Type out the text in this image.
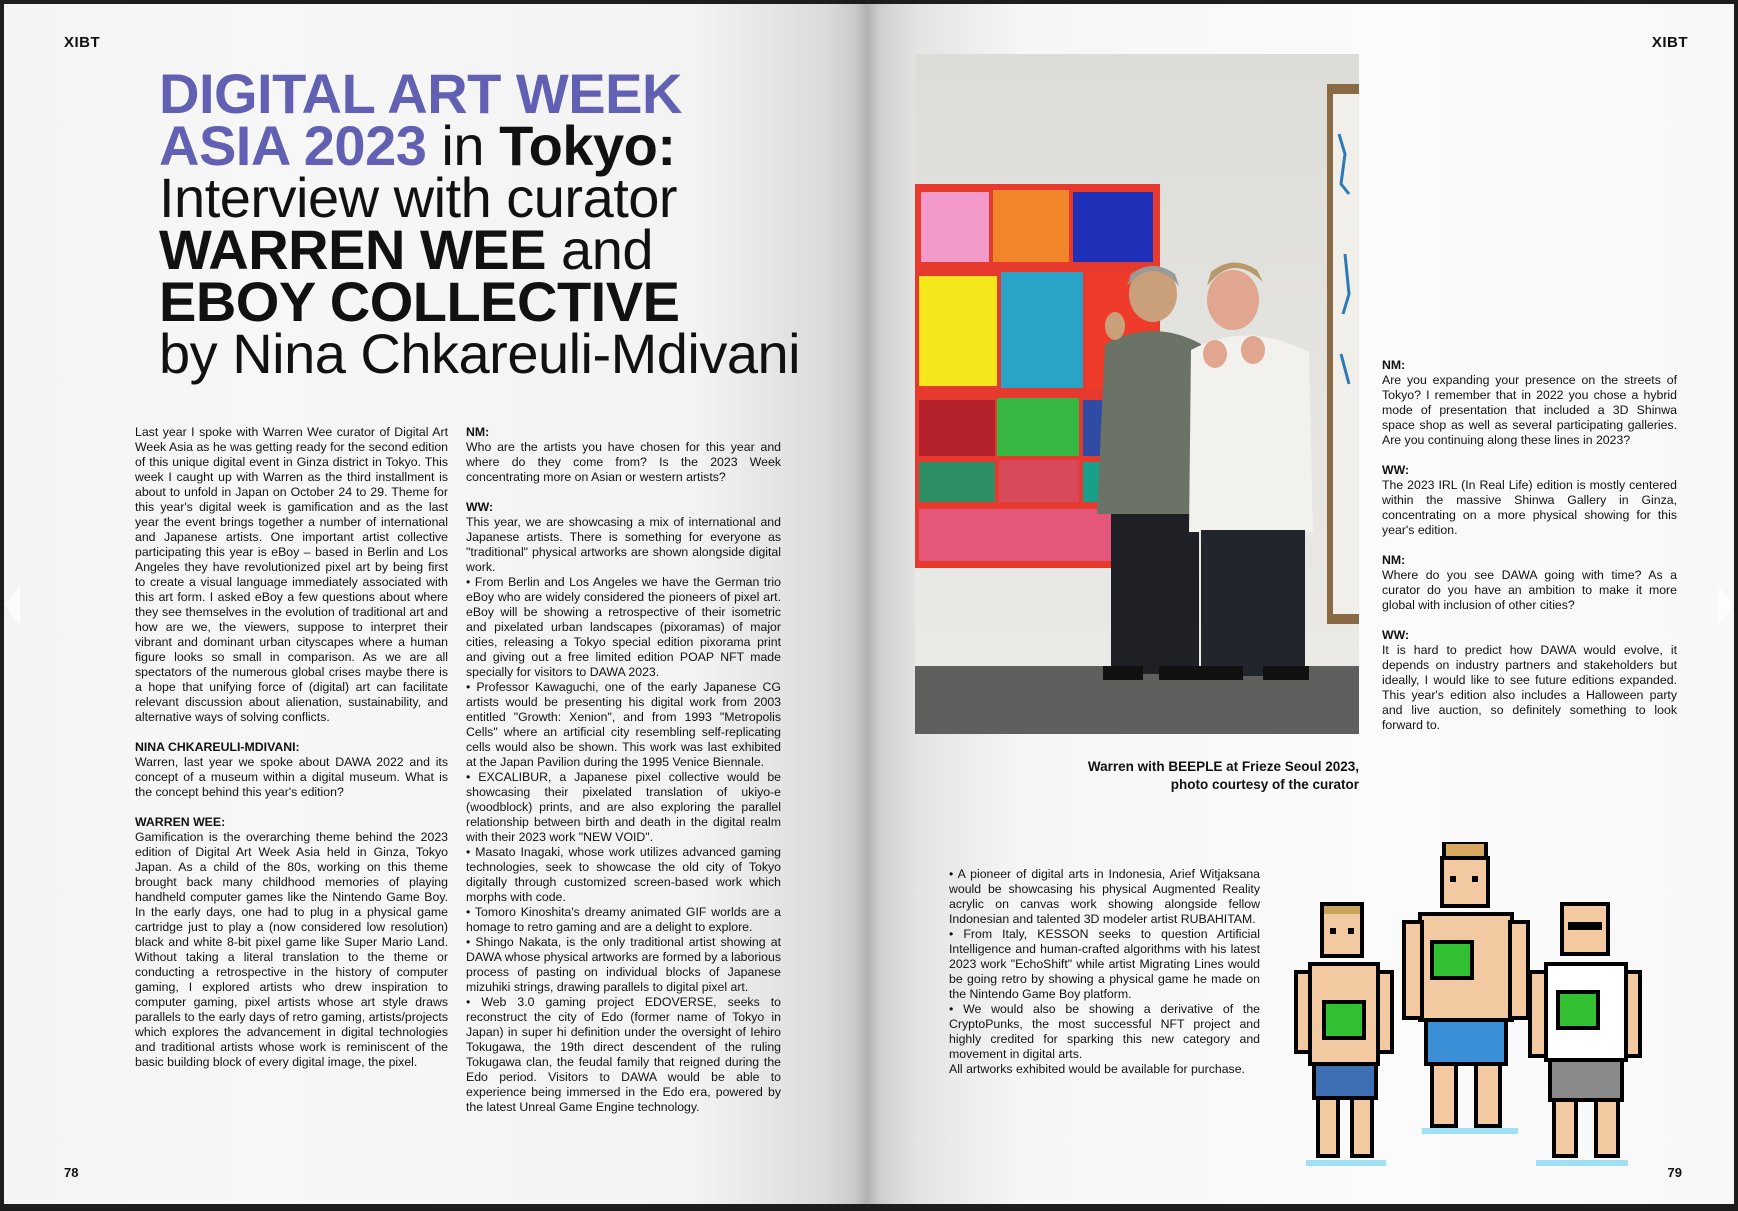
XIBT
DIGITAL ART WEEK
ASIA 2023 in Tokyo:
Interview with curator
WARREN WEE and
EBOY COLLECTIVE
by Nina Chkareuli-Mdivani

Last year I spoke with Warren Wee curator of Digital Art Week Asia as he was getting ready for the second edition of this unique digital event in Ginza district in Tokyo. This week I caught up with Warren as the third installment is about to unfold in Japan on October 24 to 29. Theme for this year's digital week is gamification and as the last year the event brings together a number of international and Japanese artists. One important artist collective participating this year is eBoy – based in Berlin and Los Angeles they have revolutionized pixel art by being first to create a visual language immediately associated with this art form. I asked eBoy a few questions about where they see themselves in the evolution of traditional art and how are we, the viewers, suppose to interpret their vibrant and dominant urban cityscapes where a human figure looks so small in comparison. As we are all spectators of the numerous global crises maybe there is a hope that unifying force of (digital) art can facilitate relevant discussion about alienation, sustainability, and alternative ways of solving conflicts.

NINA CHKAREULI-MDIVANI:
Warren, last year we spoke about DAWA 2022 and its concept of a museum within a digital museum. What is the concept behind this year's edition?

WARREN WEE:
Gamification is the overarching theme behind the 2023 edition of Digital Art Week Asia held in Ginza, Tokyo Japan. As a child of the 80s, working on this theme brought back many childhood memories of playing handheld computer games like the Nintendo Game Boy. In the early days, one had to plug in a physical game cartridge just to play a (now considered low resolution) black and white 8-bit pixel game like Super Mario Land. Without taking a literal translation to the theme or conducting a retrospective in the history of computer gaming, I explored artists who drew inspiration to computer gaming, pixel artists whose art style draws parallels to the early days of retro gaming, artists/projects which explores the advancement in digital technologies and traditional artists whose work is reminiscent of the basic building block of every digital image, the pixel.

NM:
Who are the artists you have chosen for this year and where do they come from? Is the 2023 Week concentrating more on Asian or western artists?

WW:
This year, we are showcasing a mix of international and Japanese artists. There is something for everyone as "traditional" physical artworks are shown alongside digital work.
• From Berlin and Los Angeles we have the German trio eBoy who are widely considered the pioneers of pixel art. eBoy will be showing a retrospective of their isometric and pixelated urban landscapes (pixoramas) of major cities, releasing a Tokyo special edition pixorama print and giving out a free limited edition POAP NFT made specially for visitors to DAWA 2023.
• Professor Kawaguchi, one of the early Japanese CG artists would be presenting his digital work from 2003 entitled "Growth: Xenion", and from 1993 "Metropolis Cells" where an artificial city resembling self-replicating cells would also be shown. This work was last exhibited at the Japan Pavilion during the 1995 Venice Biennale.
• EXCALIBUR, a Japanese pixel collective would be showcasing their pixelated translation of ukiyo-e (woodblock) prints, and are also exploring the parallel relationship between birth and death in the digital realm with their 2023 work "NEW VOID".
• Masato Inagaki, whose work utilizes advanced gaming technologies, seek to showcase the old city of Tokyo digitally through customized screen-based work which morphs with code.
• Tomoro Kinoshita's dreamy animated GIF worlds are a homage to retro gaming and are a delight to explore.
• Shingo Nakata, is the only traditional artist showing at DAWA whose physical artworks are formed by a laborious process of pasting on individual blocks of Japanese mizuhiki strings, drawing parallels to digital pixel art.
• Web 3.0 gaming project EDOVERSE, seeks to reconstruct the city of Edo (former name of Tokyo in Japan) in super hi definition under the oversight of Iehiro Tokugawa, the 19th direct descendent of the ruling Tokugawa clan, the feudal family that reigned during the Edo period. Visitors to DAWA would be able to experience being immersed in the Edo era, powered by the latest Unreal Game Engine technology.

78
XIBT
Warren with BEEPLE at Frieze Seoul 2023,
photo courtesy of the curator

NM:
Are you expanding your presence on the streets of Tokyo? I remember that in 2022 you chose a hybrid mode of presentation that included a 3D Shinwa space shop as well as several participating galleries. Are you continuing along these lines in 2023?

WW:
The 2023 IRL (In Real Life) edition is mostly centered within the massive Shinwa Gallery in Ginza, concentrating on a more physical showing for this year's edition.

NM:
Where do you see DAWA going with time? As a curator do you have an ambition to make it more global with inclusion of other cities?

WW:
It is hard to predict how DAWA would evolve, it depends on industry partners and stakeholders but ideally, I would like to see future editions expanded. This year's edition also includes a Halloween party and live auction, so definitely something to look forward to.

• A pioneer of digital arts in Indonesia, Arief Witjaksana would be showcasing his physical Augmented Reality acrylic on canvas work showing alongside fellow Indonesian and talented 3D modeler artist RUBAHITAM.
• From Italy, KESSON seeks to question Artificial Intelligence and human-crafted algorithms with his latest 2023 work "EchoShift" while artist Migrating Lines would be going retro by showing a physical game he made on the Nintendo Game Boy platform.
• We would also be showing a derivative of the CryptoPunks, the most successful NFT project and highly credited for sparking this new category and movement in digital arts.
All artworks exhibited would be available for purchase.

79
